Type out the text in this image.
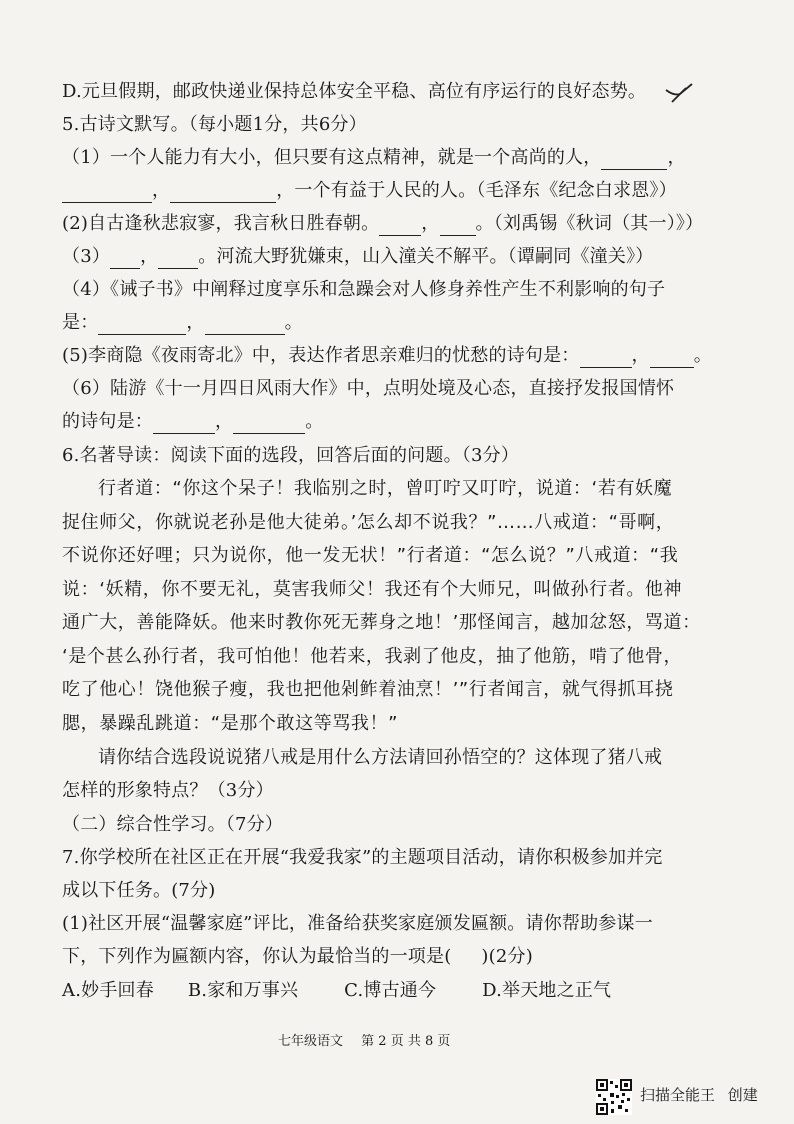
D.元旦假期，邮政快递业保持总体安全平稳、高位有序运行的良好态势。
5.古诗文默写。（每小题1分，共6分）
（1）一个人能力有大小，但只要有这点精神，就是一个高尚的人，	，
，	，一个有益于人民的人。（毛泽东《纪念白求恩》）
(2)自古逢秋悲寂寥，我言秋日胜春朝。 ， 。（刘禹锡《秋词（其一）》）
（3） ， 。河流大野犹嫌束，山入潼关不解平。（谭嗣同《潼关》）
（4）《诫子书》中阐释过度享乐和急躁会对人修身养性产生不利影响的句子
是：	，	。
(5)李商隐《夜雨寄北》中，表达作者思亲难归的忧愁的诗句是：	， 。
（6）陆游《十一月四日风雨大作》中，点明处境及心态，直接抒发报国情怀
的诗句是：	，	。
6.名著导读：阅读下面的选段，回答后面的问题。（3分）
行者道：“你这个呆子！我临别之时，曾叮咛又叮咛，说道：‘若有妖魔
捉住师父，你就说老孙是他大徒弟。’怎么却不说我？”……八戒道：“哥啊，
不说你还好哩；只为说你，他一发无状！”行者道：“怎么说？”八戒道：“我
说：‘妖精，你不要无礼，莫害我师父！我还有个大师兄，叫做孙行者。他神
通广大，善能降妖。他来时教你死无葬身之地！’那怪闻言，越加忿怒，骂道：
‘是个甚么孙行者，我可怕他！他若来，我剥了他皮，抽了他筋，啃了他骨，
吃了他心！饶他猴子瘦，我也把他剁鲊着油烹！’”行者闻言，就气得抓耳挠
腮，暴躁乱跳道：“是那个敢这等骂我！”
请你结合选段说说猪八戒是用什么方法请回孙悟空的？这体现了猪八戒
怎样的形象特点？（3分）
（二）综合性学习。（7分）
7.你学校所在社区正在开展“我爱我家”的主题项目活动，请你积极参加并完
成以下任务。(7分)
(1)社区开展“温馨家庭”评比，准备给获奖家庭颁发匾额。请你帮助参谋一
下，下列作为匾额内容，你认为最恰当的一项是( )(2分)
A.妙手回春 B.家和万事兴	C.博古通今	D.举天地之正气
七年级语文 第 2 页 共 8 页
扫描全能王 创建
